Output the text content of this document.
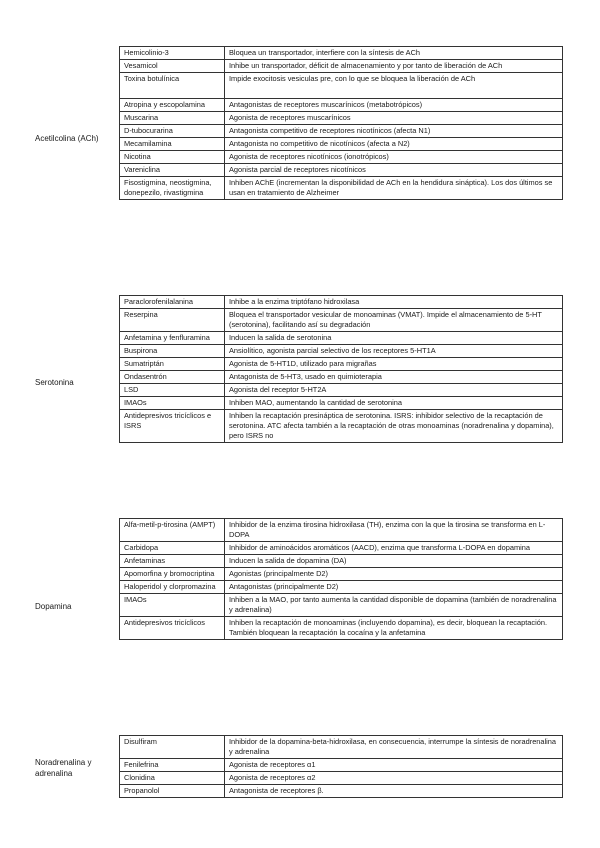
Acetilcolina (ACh)
Hemicolinio-3	Bloquea un transportador, interfiere con la síntesis de ACh
Vesamicol	Inhibe un transportador, déficit de almacenamiento y por tanto de liberación de ACh
Toxina botulínica	Impide exocitosis vesiculas pre, con lo que se bloquea la liberación de ACh
Atropina y escopolamina	Antagonistas de receptores muscarínicos (metabotrópicos)
Muscarina	Agonista de receptores muscarínicos
D-tubocurarina	Antagonista competitivo de receptores nicotínicos (afecta N1)
Mecamilamina	Antagonista no competitivo de nicotínicos (afecta a N2)
Nicotina	Agonista de receptores nicotínicos (ionotrópicos)
Vareniclina	Agonista parcial de receptores nicotínicos
Fisostigmina, neostigmina, donepezilo, rivastigmina	Inhiben AChE (incrementan la disponibilidad de ACh en la hendidura sináptica). Los dos últimos se usan en tratamiento de Alzheimer
Serotonina
Paraclorofenilalanina	Inhibe a la enzima triptófano hidroxilasa
Reserpina	Bloquea el transportador vesicular de monoaminas (VMAT). Impide el almacenamiento de 5-HT (serotonina), facilitando así su degradación
Anfetamina y fenfluramina	Inducen la salida de serotonina
Buspirona	Ansiolítico, agonista parcial selectivo de los receptores 5-HT1A
Sumatriptán	Agonista de 5-HT1D, utilizado para migrañas
Ondasentrón	Antagonista de 5-HT3, usado en quimioterapia
LSD	Agonista del receptor 5-HT2A
IMAOs	Inhiben MAO, aumentando la cantidad de serotonina
Antidepresivos tricíclicos e ISRS	Inhiben la recaptación presináptica de serotonina. ISRS: inhibidor selectivo de la recaptación de serotonina. ATC afecta también a la recaptación de otras monoaminas (noradrenalina y dopamina), pero ISRS no
Dopamina
Alfa-metil-p-tirosina (AMPT)	Inhibidor de la enzima tirosina hidroxilasa (TH), enzima con la que la tirosina se transforma en L-DOPA
Carbidopa	Inhibidor de aminoácidos aromáticos (AACD), enzima que transforma L-DOPA en dopamina
Anfetaminas	Inducen la salida de dopamina (DA)
Apomorfina y bromocriptina	Agonistas (principalmente D2)
Haloperidol y clorpromazina	Antagonistas (principalmente D2)
IMAOs	Inhiben a la MAO, por tanto aumenta la cantidad disponible de dopamina (también de noradrenalina y adrenalina)
Antidepresivos tricíclicos	Inhiben la recaptación de monoaminas (incluyendo dopamina), es decir, bloquean la recaptación. También bloquean la recaptación la cocaína y la anfetamina
Noradrenalina y adrenalina
Disulfiram	Inhibidor de la dopamina-beta-hidroxilasa, en consecuencia, interrumpe la síntesis de noradrenalina y adrenalina
Fenilefrina	Agonista de receptores α1
Clonidina	Agonista de receptores α2
Propanolol	Antagonista de receptores β.
